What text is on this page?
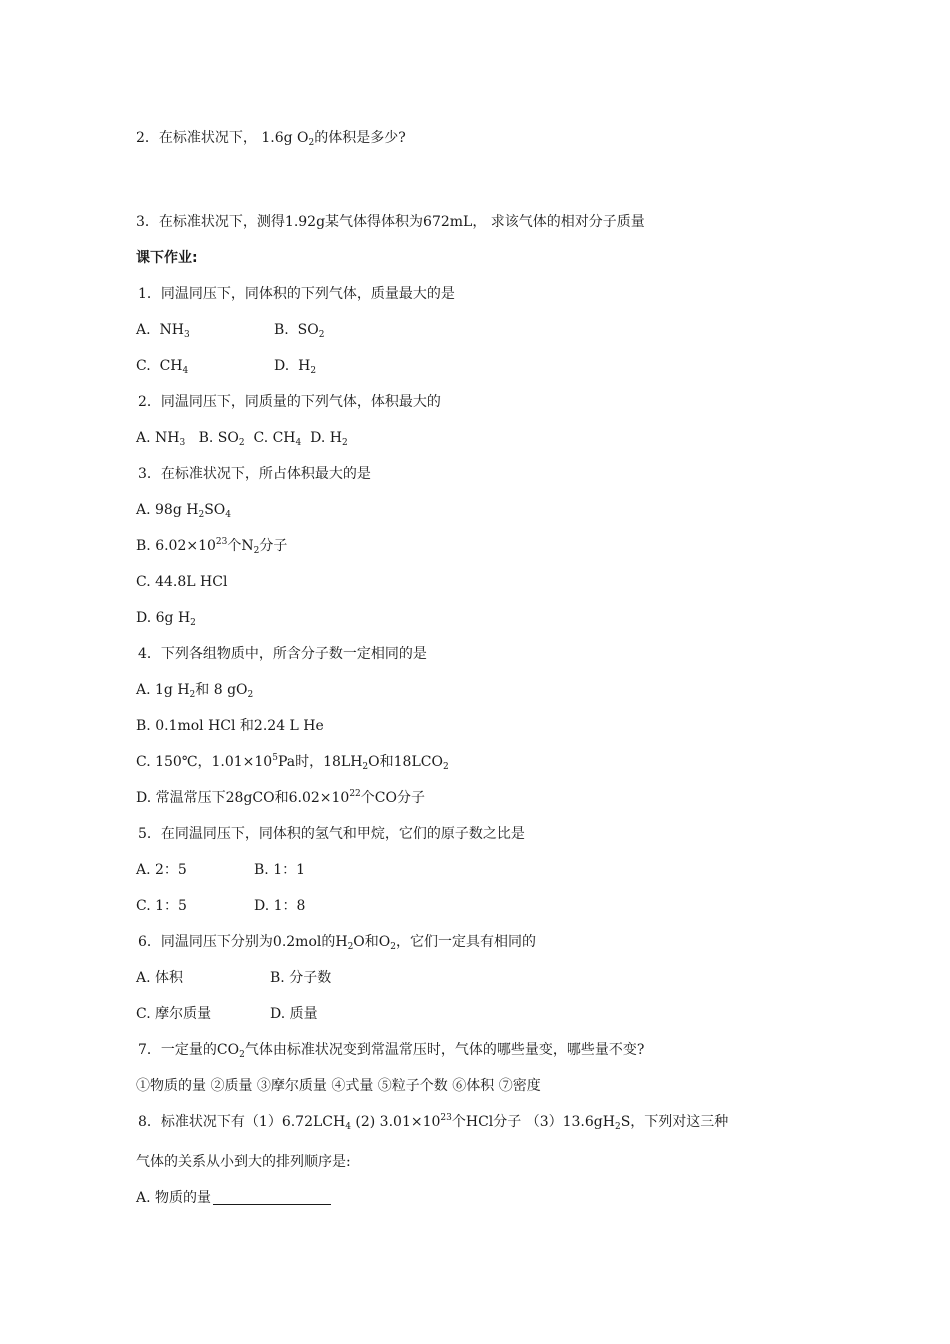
2．在标准状况下， 1.6g $O_2$的体积是多少?
3．在标准状况下，测得1.92g某气体得体积为672mL， 求该气体的相对分子质量
课下作业:
1．同温同压下，同体积的下列气体，质量最大的是
A. $NH_3$	B. $SO_2$
C. $CH_4$	D. $H_2$
2．同温同压下，同质量的下列气体，体积最大的
A. $NH_3$ B. $SO_2$ C. $CH_4$ D. $H_2$
3．在标准状况下，所占体积最大的是
A. 98g $H_2SO_4$
B. $6.02\times 10^{23}$个$N_2$分子
C. 44.8L HCl
D. 6g $H_2$
4．下列各组物质中，所含分子数一定相同的是
A. 1g $H_2$和 8 $gO_2$
B. 0.1mol HCl 和2.24 L He
C. 150℃，$1.01\times 10^5Pa$时，$18LH_2O$和$18LCO_2$
D. 常温常压下28gCO和$6.02\times 10^{22}$个CO分子
5．在同温同压下，同体积的氢气和甲烷，它们的原子数之比是
A. 2：5	B. 1：1
C. 1：5	D. 1：8
6．同温同压下分别为0.2mol的$H_2O$和$O_2$，它们一定具有相同的
A. 体积	B. 分子数
C. 摩尔质量	D. 质量
7．一定量的$CO_2$气体由标准状况变到常温常压时，气体的哪些量变，哪些量不变?
①物质的量 ②质量 ③摩尔质量 ④式量 ⑤粒子个数 ⑥体积 ⑦密度
8．标准状况下有$(1)6.72LCH_4$ (2) $3.01\times 10^{23}$个HCl分子 $(3)13.6gH_2S$，下列对这三种
气体的关系从小到大的排列顺序是:
A. 物质的量
